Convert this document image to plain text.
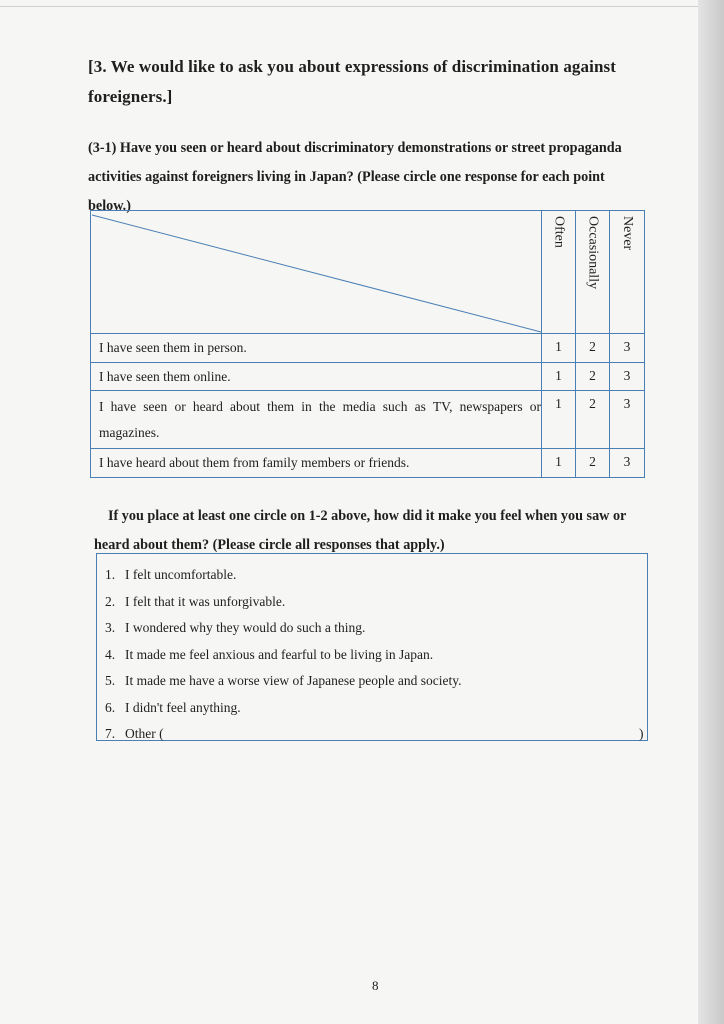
[3. We would like to ask you about expressions of discrimination against foreigners.]
(3-1) Have you seen or heard about discriminatory demonstrations or street propaganda activities against foreigners living in Japan? (Please circle one response for each point below.)
	Often	Occasionally	Never
I have seen them in person.	1	2	3
I have seen them online.	1	2	3
I have seen or heard about them in the media such as TV, newspapers or magazines.	1	2	3
I have heard about them from family members or friends.	1	2	3
If you place at least one circle on 1-2 above, how did it make you feel when you saw or heard about them? (Please circle all responses that apply.)
1. I felt uncomfortable.
2. I felt that it was unforgivable.
3. I wondered why they would do such a thing.
4. It made me feel anxious and fearful to be living in Japan.
5. It made me have a worse view of Japanese people and society.
6. I didn't feel anything.
7. Other (	)
8
